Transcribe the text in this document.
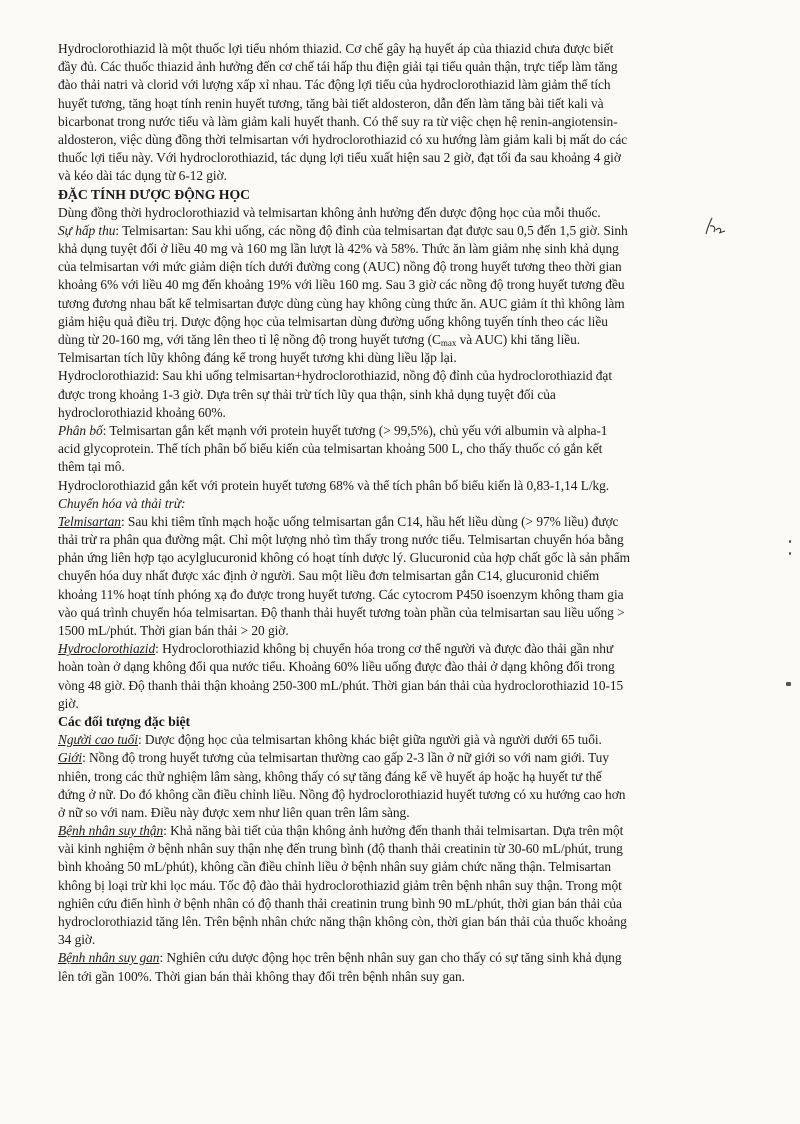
Hydroclorothiazid là một thuốc lợi tiểu nhóm thiazid. Cơ chế gây hạ huyết áp của thiazid chưa được biết
đầy đủ. Các thuốc thiazid ảnh hưởng đến cơ chế tái hấp thu điện giải tại tiểu quản thận, trực tiếp làm tăng
đào thải natri và clorid với lượng xấp xỉ nhau. Tác động lợi tiểu của hydroclorothiazid làm giảm thể tích
huyết tương, tăng hoạt tính renin huyết tương, tăng bài tiết aldosteron, dẫn đến làm tăng bài tiết kali và
bicarbonat trong nước tiểu và làm giảm kali huyết thanh. Có thể suy ra từ việc chẹn hệ renin-angiotensin-
aldosteron, việc dùng đồng thời telmisartan với hydroclorothiazid có xu hướng làm giảm kali bị mất do các
thuốc lợi tiểu này. Với hydroclorothiazid, tác dụng lợi tiểu xuất hiện sau 2 giờ, đạt tối đa sau khoảng 4 giờ
và kéo dài tác dụng từ 6-12 giờ.
ĐẶC TÍNH DƯỢC ĐỘNG HỌC
Dùng đồng thời hydroclorothiazid và telmisartan không ảnh hưởng đến dược động học của mỗi thuốc.
Sự hấp thu: Telmisartan: Sau khi uống, các nồng độ đỉnh của telmisartan đạt được sau 0,5 đến 1,5 giờ. Sinh
khả dụng tuyệt đối ở liều 40 mg và 160 mg lần lượt là 42% và 58%. Thức ăn làm giảm nhẹ sinh khả dụng
của telmisartan với mức giảm diện tích dưới đường cong (AUC) nồng độ trong huyết tương theo thời gian
khoảng 6% với liều 40 mg đến khoảng 19% với liều 160 mg. Sau 3 giờ các nồng độ trong huyết tương đều
tương đương nhau bất kể telmisartan được dùng cùng hay không cùng thức ăn. AUC giảm ít thì không làm
giảm hiệu quả điều trị. Dược động học của telmisartan dùng đường uống không tuyến tính theo các liều
dùng từ 20-160 mg, với tăng lên theo tỉ lệ nồng độ trong huyết tương ($C_{max}$ và AUC) khi tăng liều.
Telmisartan tích lũy không đáng kể trong huyết tương khi dùng liều lặp lại.
Hydroclorothiazid: Sau khi uống telmisartan+hydroclorothiazid, nồng độ đỉnh của hydroclorothiazid đạt
được trong khoảng 1-3 giờ. Dựa trên sự thải trừ tích lũy qua thận, sinh khả dụng tuyệt đối của
hydroclorothiazid khoảng 60%.
Phân bố: Telmisartan gắn kết mạnh với protein huyết tương (> 99,5%), chủ yếu với albumin và alpha-1
acid glycoprotein. Thể tích phân bố biểu kiến của telmisartan khoảng 500 L, cho thấy thuốc có gắn kết
thêm tại mô.
Hydroclorothiazid gắn kết với protein huyết tương 68% và thể tích phân bố biểu kiến là 0,83-1,14 L/kg.
Chuyển hóa và thải trừ:
Telmisartan: Sau khi tiêm tĩnh mạch hoặc uống telmisartan gắn C14, hầu hết liều dùng (> 97% liều) được
thải trừ ra phân qua đường mật. Chỉ một lượng nhỏ tìm thấy trong nước tiểu. Telmisartan chuyển hóa bằng
phản ứng liên hợp tạo acylglucuronid không có hoạt tính dược lý. Glucuronid của hợp chất gốc là sản phẩm
chuyển hóa duy nhất được xác định ở người. Sau một liều đơn telmisartan gắn C14, glucuronid chiếm
khoảng 11% hoạt tính phóng xạ đo được trong huyết tương. Các cytocrom P450 isoenzym không tham gia
vào quá trình chuyển hóa telmisartan. Độ thanh thải huyết tương toàn phần của telmisartan sau liều uống >
1500 mL/phút. Thời gian bán thải > 20 giờ.
Hydroclorothiazid: Hydroclorothiazid không bị chuyển hóa trong cơ thể người và được đào thải gần như
hoàn toàn ở dạng không đổi qua nước tiểu. Khoảng 60% liều uống được đào thải ở dạng không đổi trong
vòng 48 giờ. Độ thanh thải thận khoảng 250-300 mL/phút. Thời gian bán thải của hydroclorothiazid 10-15
giờ.
Các đối tượng đặc biệt
Người cao tuổi: Dược động học của telmisartan không khác biệt giữa người già và người dưới 65 tuổi.
Giới: Nồng độ trong huyết tương của telmisartan thường cao gấp 2-3 lần ở nữ giới so với nam giới. Tuy
nhiên, trong các thử nghiệm lâm sàng, không thấy có sự tăng đáng kể về huyết áp hoặc hạ huyết tư thế
đứng ở nữ. Do đó không cần điều chỉnh liều. Nồng độ hydroclorothiazid huyết tương có xu hướng cao hơn
ở nữ so với nam. Điều này được xem như liên quan trên lâm sàng.
Bệnh nhân suy thận: Khả năng bài tiết của thận không ảnh hưởng đến thanh thải telmisartan. Dựa trên một
vài kinh nghiệm ở bệnh nhân suy thận nhẹ đến trung bình (độ thanh thải creatinin từ 30-60 mL/phút, trung
bình khoảng 50 mL/phút), không cần điều chỉnh liều ở bệnh nhân suy giảm chức năng thận. Telmisartan
không bị loại trừ khi lọc máu. Tốc độ đào thải hydroclorothiazid giảm trên bệnh nhân suy thận. Trong một
nghiên cứu điển hình ở bệnh nhân có độ thanh thải creatinin trung bình 90 mL/phút, thời gian bán thải của
hydroclorothiazid tăng lên. Trên bệnh nhân chức năng thận không còn, thời gian bán thải của thuốc khoảng
34 giờ.
Bệnh nhân suy gan: Nghiên cứu dược động học trên bệnh nhân suy gan cho thấy có sự tăng sinh khả dụng
lên tới gần 100%. Thời gian bán thải không thay đổi trên bệnh nhân suy gan.
